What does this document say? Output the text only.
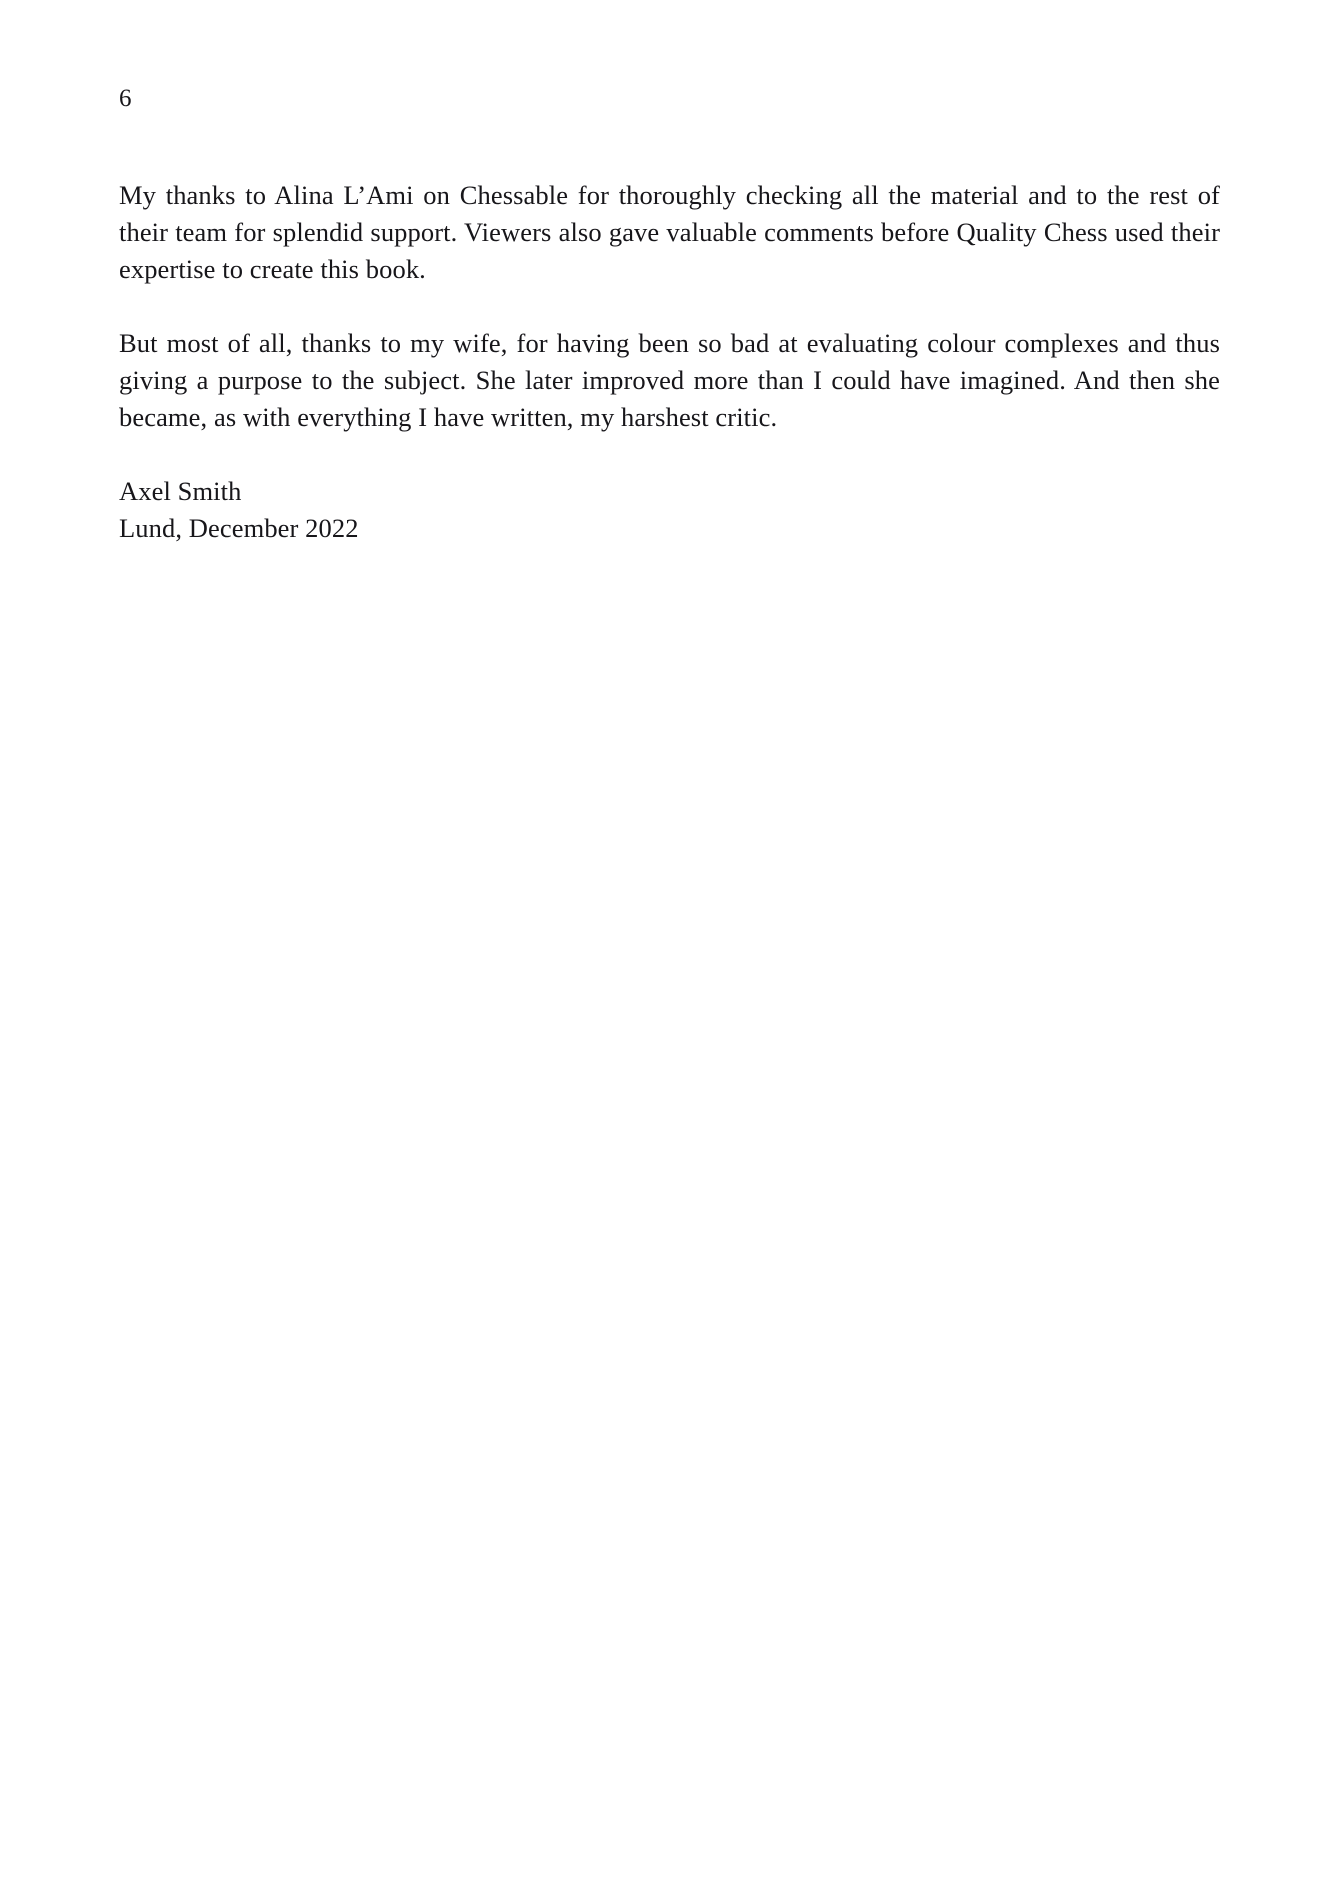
6

My thanks to Alina L’Ami on Chessable for thoroughly checking all the material and to the rest of their team for splendid support. Viewers also gave valuable comments before Quality Chess used their expertise to create this book.

But most of all, thanks to my wife, for having been so bad at evaluating colour complexes and thus giving a purpose to the subject. She later improved more than I could have imagined. And then she became, as with everything I have written, my harshest critic.

Axel Smith
Lund, December 2022
